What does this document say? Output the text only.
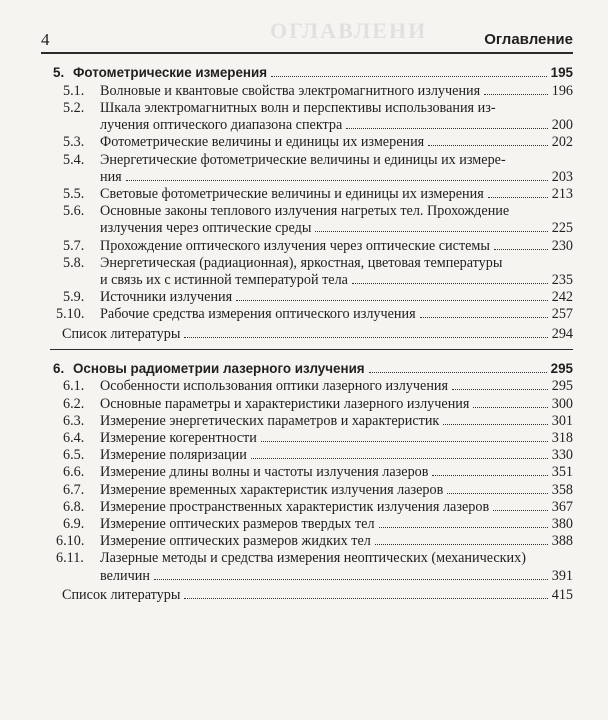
4	Оглавление
ОГЛАВЛЕНИ
5. Фотометрические измерения	195
5.1. Волновые и квантовые свойства электромагнитного излучения	196
5.2. Шкала электромагнитных волн и перспективы использования из-
лучения оптического диапазона спектра	200
5.3. Фотометрические величины и единицы их измерения	202
5.4. Энергетические фотометрические величины и единицы их измере-
ния	203
5.5. Световые фотометрические величины и единицы их измерения	213
5.6. Основные законы теплового излучения нагретых тел. Прохождение
излучения через оптические среды	225
5.7. Прохождение оптического излучения через оптические системы	230
5.8. Энергетическая (радиационная), яркостная, цветовая температуры
и связь их с истинной температурой тела	235
5.9. Источники излучения	242
5.10. Рабочие средства измерения оптического излучения	257
Список литературы	294
6. Основы радиометрии лазерного излучения	295
6.1. Особенности использования оптики лазерного излучения	295
6.2. Основные параметры и характеристики лазерного излучения	300
6.3. Измерение энергетических параметров и характеристик	301
6.4. Измерение когерентности	318
6.5. Измерение поляризации	330
6.6. Измерение длины волны и частоты излучения лазеров	351
6.7. Измерение временных характеристик излучения лазеров	358
6.8. Измерение пространственных характеристик излучения лазеров	367
6.9. Измерение оптических размеров твердых тел	380
6.10. Измерение оптических размеров жидких тел	388
6.11. Лазерные методы и средства измерения неоптических (механических)
величин	391
Список литературы	415
